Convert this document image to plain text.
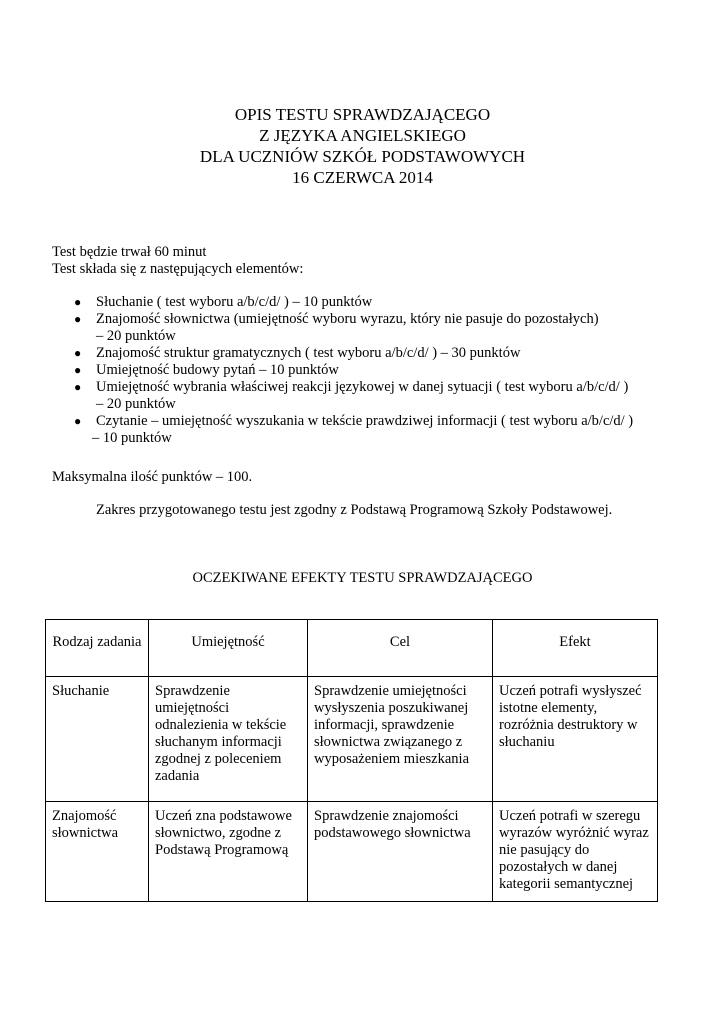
OPIS TESTU SPRAWDZAJĄCEGO
Z JĘZYKA ANGIELSKIEGO
DLA UCZNIÓW SZKÓŁ PODSTAWOWYCH
16 CZERWCA 2014
Test będzie trwał 60 minut
Test składa się z następujących elementów:
● Słuchanie ( test wyboru a/b/c/d/ ) – 10 punktów
● Znajomość słownictwa (umiejętność wyboru wyrazu, który nie pasuje do pozostałych)
– 20 punktów
● Znajomość struktur gramatycznych ( test wyboru a/b/c/d/ ) – 30 punktów
● Umiejętność budowy pytań – 10 punktów
● Umiejętność wybrania właściwej reakcji językowej w danej sytuacji ( test wyboru a/b/c/d/ )
– 20 punktów
● Czytanie – umiejętność wyszukania w tekście prawdziwej informacji ( test wyboru a/b/c/d/ )
– 10 punktów
Maksymalna ilość punktów – 100.
Zakres przygotowanego testu jest zgodny z Podstawą Programową Szkoły Podstawowej.
OCZEKIWANE EFEKTY TESTU SPRAWDZAJĄCEGO
Rodzaj zadania	Umiejętność	Cel	Efekt
Słuchanie	Sprawdzenie umiejętności odnalezienia w tekście słuchanym informacji zgodnej z poleceniem zadania	Sprawdzenie umiejętności wysłyszenia poszukiwanej informacji, sprawdzenie słownictwa związanego z wyposażeniem mieszkania	Uczeń potrafi wysłyszeć istotne elementy, rozróżnia destruktory w słuchaniu
Znajomość słownictwa	Uczeń zna podstawowe słownictwo, zgodne z Podstawą Programową	Sprawdzenie znajomości podstawowego słownictwa	Uczeń potrafi w szeregu wyrazów wyróżnić wyraz nie pasujący do pozostałych w danej kategorii semantycznej
